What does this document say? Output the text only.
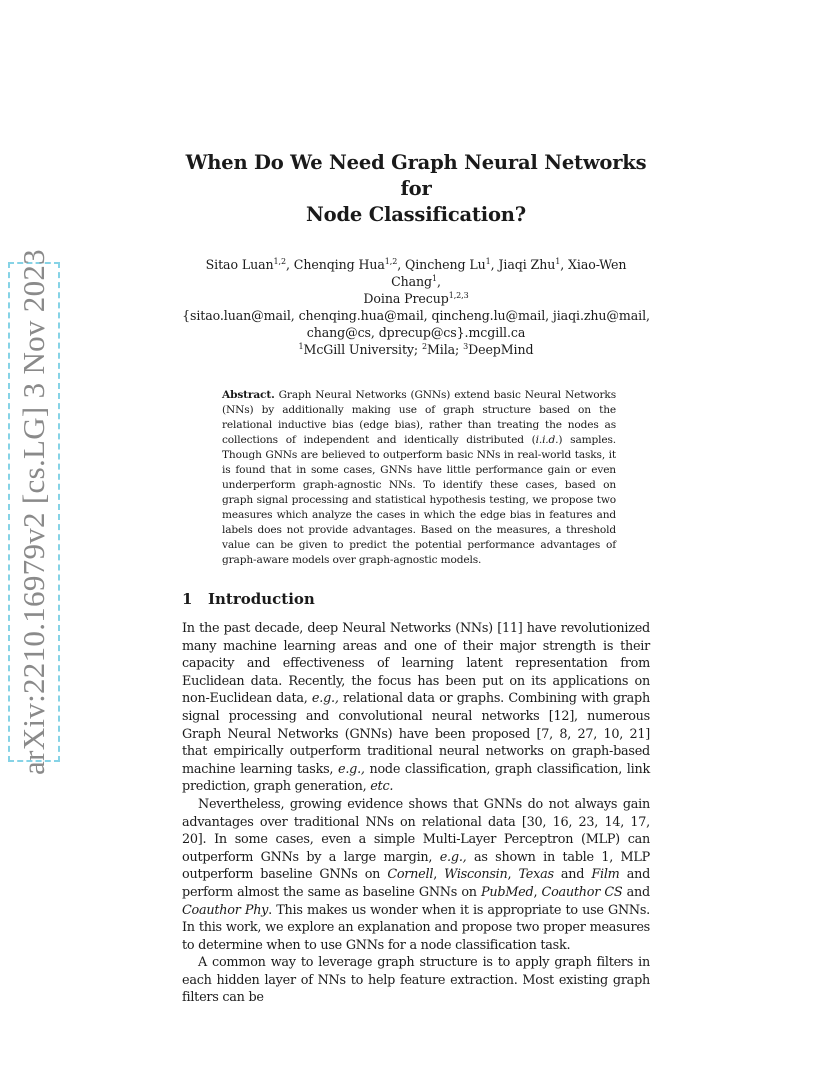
arXiv:2210.16979v2 [cs.LG] 3 Nov 2023
When Do We Need Graph Neural Networks for
Node Classification?
Sitao Luan$^{1,2}$, Chenqing Hua$^{1,2}$, Qincheng Lu$^1$, Jiaqi Zhu$^1$, Xiao-Wen Chang$^1$,
Doina Precup$^{1,2,3}$
{sitao.luan@mail, chenqing.hua@mail, qincheng.lu@mail, jiaqi.zhu@mail,
chang@cs, dprecup@cs}.mcgill.ca
$^1$McGill University; $^2$Mila; $^3$DeepMind
Abstract. Graph Neural Networks (GNNs) extend basic Neural Networks (NNs) by additionally making use of graph structure based on the relational inductive bias (edge bias), rather than treating the nodes as collections of independent and identically distributed (i.i.d.) samples. Though GNNs are believed to outperform basic NNs in real-world tasks, it is found that in some cases, GNNs have little performance gain or even underperform graph-agnostic NNs. To identify these cases, based on graph signal processing and statistical hypothesis testing, we propose two measures which analyze the cases in which the edge bias in features and labels does not provide advantages. Based on the measures, a threshold value can be given to predict the potential performance advantages of graph-aware models over graph-agnostic models.
1 Introduction

In the past decade, deep Neural Networks (NNs) [11] have revolutionized many machine learning areas and one of their major strength is their capacity and effectiveness of learning latent representation from Euclidean data. Recently, the focus has been put on its applications on non-Euclidean data, e.g., relational data or graphs. Combining with graph signal processing and convolutional neural networks [12], numerous Graph Neural Networks (GNNs) have been proposed [7, 8, 27, 10, 21] that empirically outperform traditional neural networks on graph-based machine learning tasks, e.g., node classification, graph classification, link prediction, graph generation, etc.

Nevertheless, growing evidence shows that GNNs do not always gain advantages over traditional NNs on relational data [30, 16, 23, 14, 17, 20]. In some cases, even a simple Multi-Layer Perceptron (MLP) can outperform GNNs by a large margin, e.g., as shown in table 1, MLP outperform baseline GNNs on Cornell, Wisconsin, Texas and Film and perform almost the same as baseline GNNs on PubMed, Coauthor CS and Coauthor Phy. This makes us wonder when it is appropriate to use GNNs. In this work, we explore an explanation and propose two proper measures to determine when to use GNNs for a node classification task.

A common way to leverage graph structure is to apply graph filters in each hidden layer of NNs to help feature extraction. Most existing graph filters can be
